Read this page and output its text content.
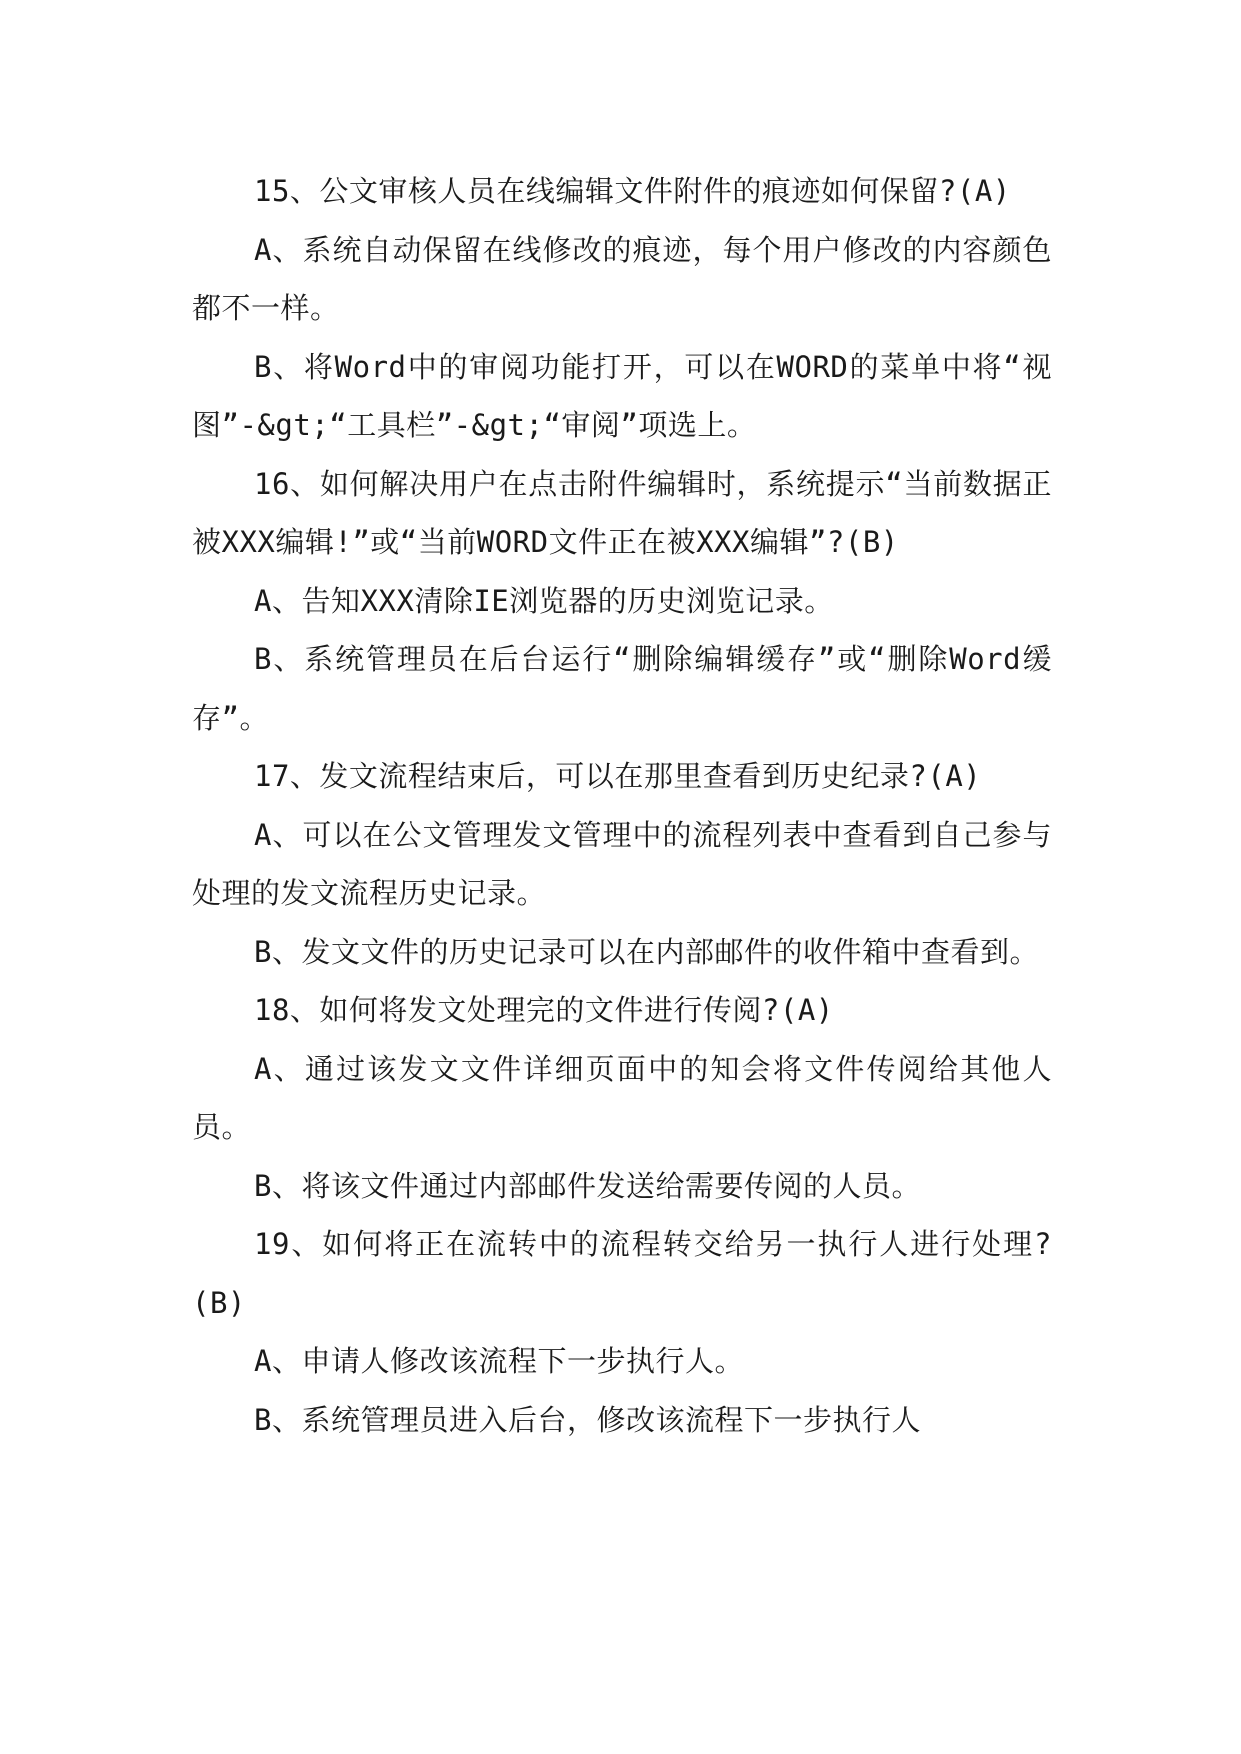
15、公文审核人员在线编辑文件附件的痕迹如何保留?(A)

A、系统自动保留在线修改的痕迹，每个用户修改的内容颜色都不一样。

B、将Word中的审阅功能打开，可以在WORD的菜单中将“视图”-&gt;“工具栏”-&gt;“审阅”项选上。

16、如何解决用户在点击附件编辑时，系统提示“当前数据正被XXX编辑!”或“当前WORD文件正在被XXX编辑”?(B)

A、告知XXX清除IE浏览器的历史浏览记录。

B、系统管理员在后台运行“删除编辑缓存”或“删除Word缓存”。

17、发文流程结束后，可以在那里查看到历史纪录?(A)

A、可以在公文管理发文管理中的流程列表中查看到自己参与处理的发文流程历史记录。

B、发文文件的历史记录可以在内部邮件的收件箱中查看到。

18、如何将发文处理完的文件进行传阅?(A)

A、通过该发文文件详细页面中的知会将文件传阅给其他人员。

B、将该文件通过内部邮件发送给需要传阅的人员。

19、如何将正在流转中的流程转交给另一执行人进行处理?(B)

A、申请人修改该流程下一步执行人。

B、系统管理员进入后台，修改该流程下一步执行人
